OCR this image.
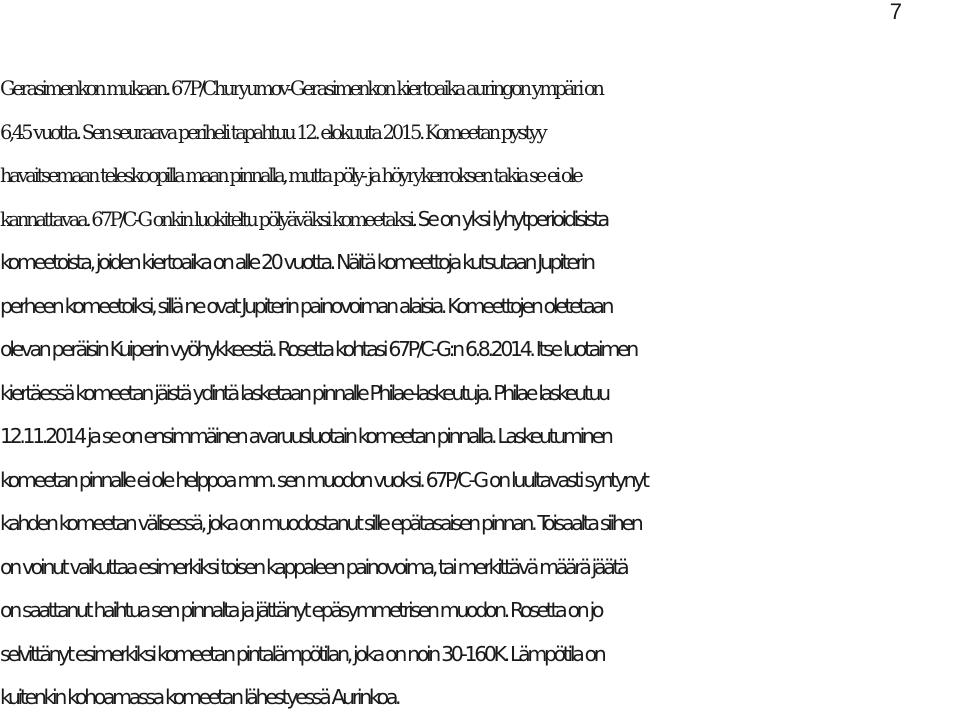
7
Gerasimenkon mukaan. 67P/Churyumov-Gerasimenkon kiertoaika auringon ympäri on
6,45 vuotta. Sen seuraava periheli tapahtuu 12. elokuuta 2015. Komeetan pystyy
havaitsemaan teleskoopilla maan pinnalla, mutta pöly- ja höyrykerroksen takia se ei ole
kannattavaa. 67P/C-G onkin luokiteltu pölyäväksi komeetaksi. Se on yksi lyhytperioidisista
komeetoista, joiden kiertoaika on alle 20 vuotta. Näitä komeettoja kutsutaan Jupiterin
perheen komeetoiksi, sillä ne ovat Jupiterin painovoiman alaisia. Komeettojen oletetaan
olevan peräisin Kuiperin vyöhykkeestä. Rosetta kohtasi 67P/C-G:n 6.8.2014. Itse luotaimen
kiertäessä komeetan jäistä ydintä lasketaan pinnalle Philae-laskeutuja. Philae laskeutuu
12.11.2014 ja se on ensimmäinen avaruusluotain komeetan pinnalla. Laskeutuminen
komeetan pinnalle ei ole helppoa mm. sen muodon vuoksi. 67P/C-G on luultavasti syntynyt
kahden komeetan välisessä, joka on muodostanut sille epätasaisen pinnan. Toisaalta siihen
on voinut vaikuttaa esimerkiksi toisen kappaleen painovoima, tai merkittävä määrä jäätä
on saattanut haihtua sen pinnalta ja jättänyt epäsymmetrisen muodon. Rosetta on jo
selvittänyt esimerkiksi komeetan pintalämpötilan, joka on noin 30-160K. Lämpötila on
kuitenkin kohoamassa komeetan lähestyessä Aurinkoa.
